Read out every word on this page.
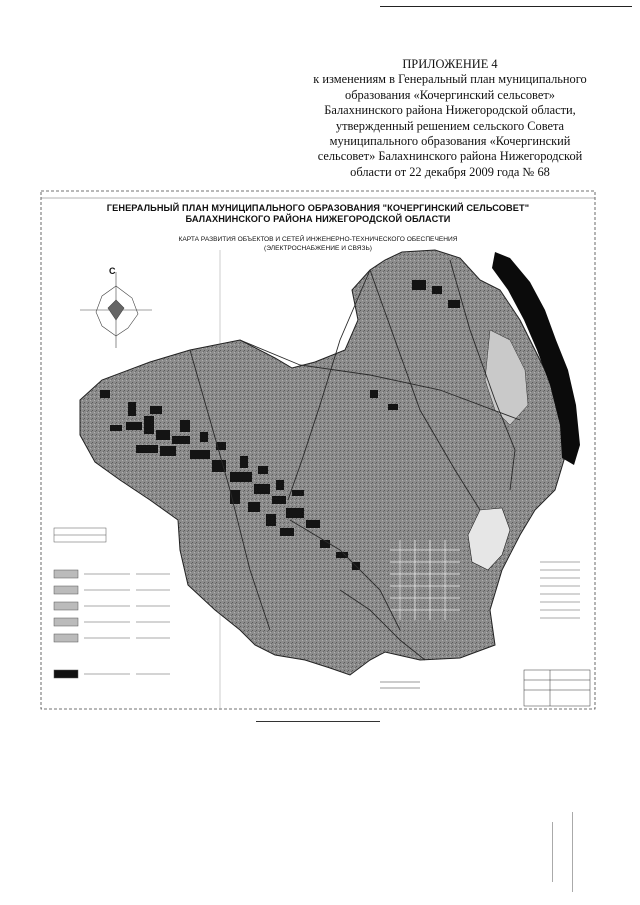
ПРИЛОЖЕНИЕ 4
к изменениям в Генеральный план муниципального
образования «Кочергинский сельсовет»
Балахнинского района Нижегородской области,
утвержденный решением сельского Совета
муниципального образования «Кочергинский
сельсовет» Балахнинского района Нижегородской
области от 22 декабря 2009 года № 68
ГЕНЕРАЛЬНЫЙ ПЛАН МУНИЦИПАЛЬНОГО ОБРАЗОВАНИЯ "КОЧЕРГИНСКИЙ СЕЛЬСОВЕТ"
БАЛАХНИНСКОГО РАЙОНА НИЖЕГОРОДСКОЙ ОБЛАСТИ
КАРТА РАЗВИТИЯ ОБЪЕКТОВ И СЕТЕЙ ИНЖЕНЕРНО-ТЕХНИЧЕСКОГО ОБЕСПЕЧЕНИЯ
(ЭЛЕКТРОСНАБЖЕНИЕ И СВЯЗЬ)
С
